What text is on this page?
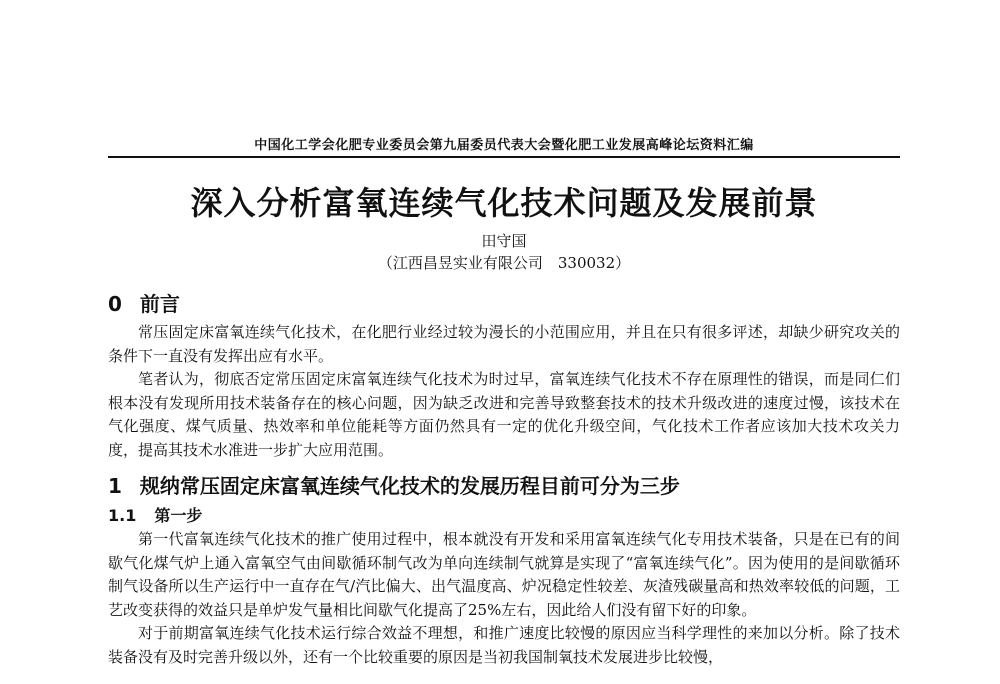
中国化工学会化肥专业委员会第九届委员代表大会暨化肥工业发展高峰论坛资料汇编
深入分析富氧连续气化技术问题及发展前景
田守国
（江西昌昱实业有限公司　330032）
0 前言

常压固定床富氧连续气化技术，在化肥行业经过较为漫长的小范围应用，并且在只有很多评述，却缺少研究攻关的条件下一直没有发挥出应有水平。

笔者认为，彻底否定常压固定床富氧连续气化技术为时过早，富氧连续气化技术不存在原理性的错误，而是同仁们根本没有发现所用技术装备存在的核心问题，因为缺乏改进和完善导致整套技术的技术升级改进的速度过慢，该技术在气化强度、煤气质量、热效率和单位能耗等方面仍然具有一定的优化升级空间，气化技术工作者应该加大技术攻关力度，提高其技术水准进一步扩大应用范围。

1 规纳常压固定床富氧连续气化技术的发展历程目前可分为三步
1.1 第一步

第一代富氧连续气化技术的推广使用过程中，根本就没有开发和采用富氧连续气化专用技术装备，只是在已有的间歇气化煤气炉上通入富氧空气由间歇循环制气改为单向连续制气就算是实现了“富氧连续气化”。因为使用的是间歇循环制气设备所以生产运行中一直存在气/汽比偏大、出气温度高、炉况稳定性较差、灰渣残碳量高和热效率较低的问题，工艺改变获得的效益只是单炉发气量相比间歇气化提高了25%左右，因此给人们没有留下好的印象。

对于前期富氧连续气化技术运行综合效益不理想，和推广速度比较慢的原因应当科学理性的来加以分析。除了技术装备没有及时完善升级以外，还有一个比较重要的原因是当初我国制氧技术发展进步比较慢，
